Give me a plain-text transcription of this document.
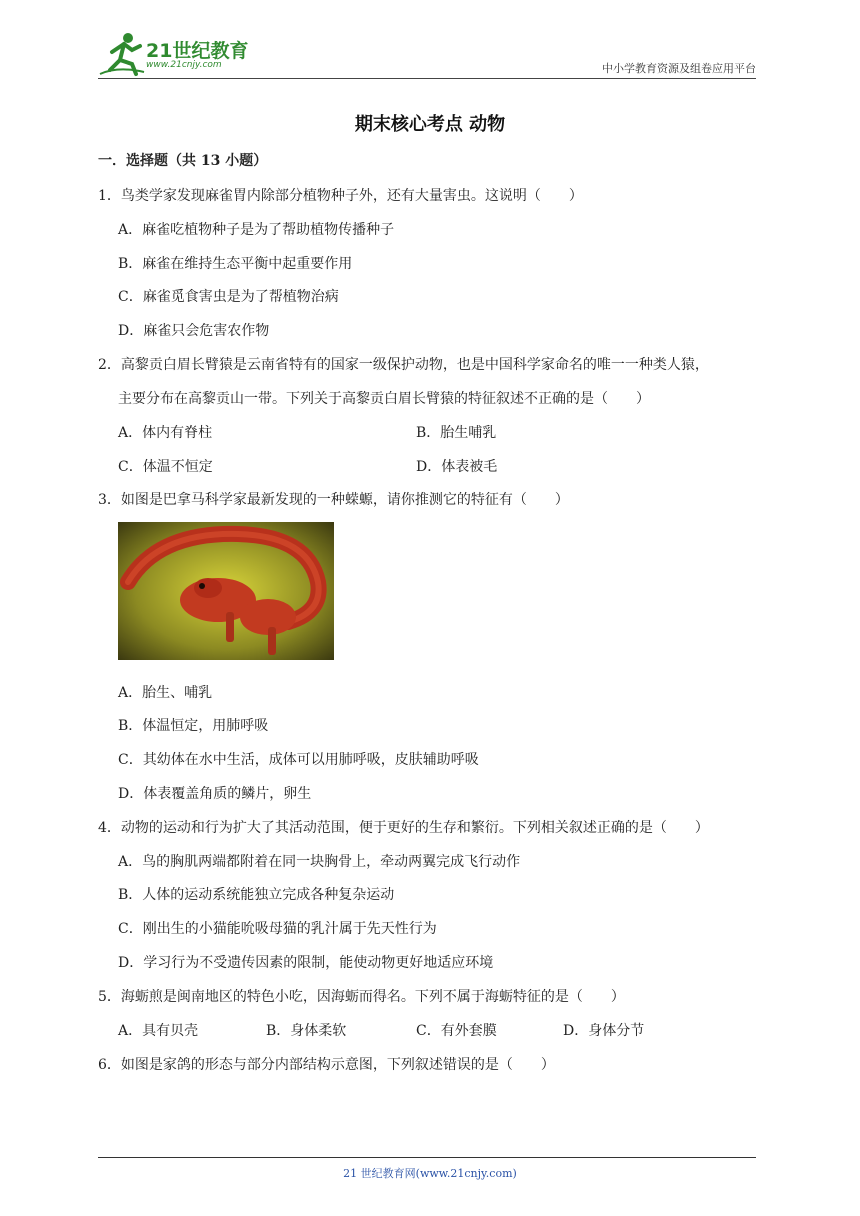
21世纪教育
www.21cnjy.com	中小学教育资源及组卷应用平台
期末核心考点 动物
一．选择题（共 13 小题）
1．鸟类学家发现麻雀胃内除部分植物种子外，还有大量害虫。这说明（　　）
A．麻雀吃植物种子是为了帮助植物传播种子
B．麻雀在维持生态平衡中起重要作用
C．麻雀觅食害虫是为了帮植物治病
D．麻雀只会危害农作物
2．高黎贡白眉长臂猿是云南省特有的国家一级保护动物，也是中国科学家命名的唯一一种类人猿，
主要分布在高黎贡山一带。下列关于高黎贡白眉长臂猿的特征叙述不正确的是（　　）
A．体内有脊柱	B．胎生哺乳
C．体温不恒定	D．体表被毛
3．如图是巴拿马科学家最新发现的一种蝾螈，请你推测它的特征有（　　）
A．胎生、哺乳
B．体温恒定，用肺呼吸
C．其幼体在水中生活，成体可以用肺呼吸，皮肤辅助呼吸
D．体表覆盖角质的鳞片，卵生
4．动物的运动和行为扩大了其活动范围，便于更好的生存和繁衍。下列相关叙述正确的是（　　）
A．鸟的胸肌两端都附着在同一块胸骨上，牵动两翼完成飞行动作
B．人体的运动系统能独立完成各种复杂运动
C．刚出生的小猫能吮吸母猫的乳汁属于先天性行为
D．学习行为不受遗传因素的限制，能使动物更好地适应环境
5．海蛎煎是闽南地区的特色小吃，因海蛎而得名。下列不属于海蛎特征的是（　　）
A．具有贝壳	B．身体柔软	C．有外套膜	D．身体分节
6．如图是家鸽的形态与部分内部结构示意图，下列叙述错误的是（　　）
21 世纪教育网(www.21cnjy.com)
